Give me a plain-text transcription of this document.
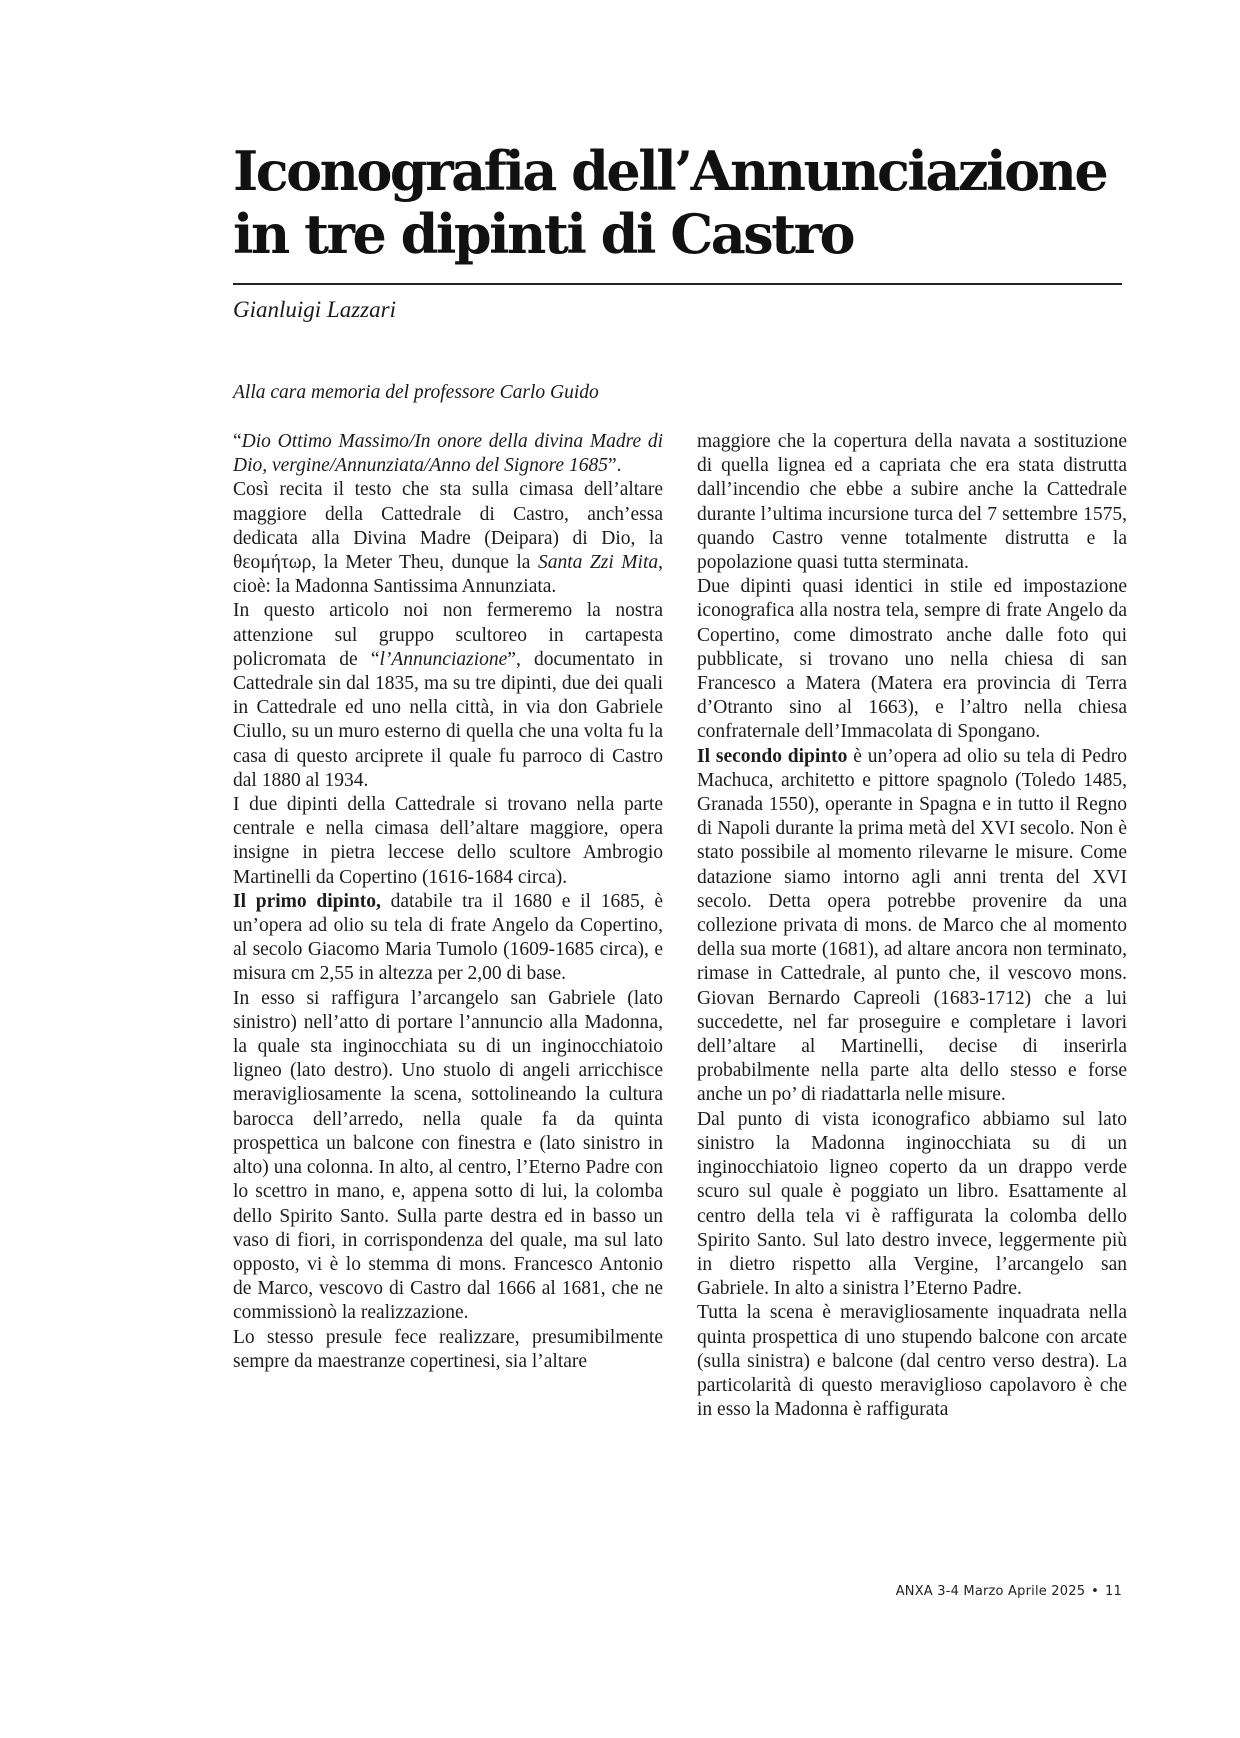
Iconografia dell’Annunciazione in tre dipinti di Castro

Gianluigi Lazzari

Alla cara memoria del professore Carlo Guido

“Dio Ottimo Massimo/In onore della divina Madre di Dio, vergine/Annunziata/Anno del Signore 1685”.

Così recita il testo che sta sulla cimasa dell’altare maggiore della Cattedrale di Castro, anch’essa dedicata alla Divina Madre (Deipara) di Dio, la θεομήτωρ, la Meter Theu, dunque la Santa Zzi Mita, cioè: la Madonna Santissima Annunziata.

In questo articolo noi non fermeremo la nostra attenzione sul gruppo scultoreo in cartapesta policromata de “l’Annunciazione”, documentato in Cattedrale sin dal 1835, ma su tre dipinti, due dei quali in Cattedrale ed uno nella città, in via don Gabriele Ciullo, su un muro esterno di quella che una volta fu la casa di questo arciprete il quale fu parroco di Castro dal 1880 al 1934.

I due dipinti della Cattedrale si trovano nella parte centrale e nella cimasa dell’altare maggiore, opera insigne in pietra leccese dello scultore Ambrogio Martinelli da Copertino (1616-1684 circa).

Il primo dipinto, databile tra il 1680 e il 1685, è un’opera ad olio su tela di frate Angelo da Copertino, al secolo Giacomo Maria Tumolo (1609-1685 circa), e misura cm 2,55 in altezza per 2,00 di base.

In esso si raffigura l’arcangelo san Gabriele (lato sinistro) nell’atto di portare l’annuncio alla Madonna, la quale sta inginocchiata su di un inginocchiatoio ligneo (lato destro). Uno stuolo di angeli arricchisce meravigliosamente la scena, sottolineando la cultura barocca dell’arredo, nella quale fa da quinta prospettica un balcone con finestra e (lato sinistro in alto) una colonna. In alto, al centro, l’Eterno Padre con lo scettro in mano, e, appena sotto di lui, la colomba dello Spirito Santo. Sulla parte destra ed in basso un vaso di fiori, in corrispondenza del quale, ma sul lato opposto, vi è lo stemma di mons. Francesco Antonio de Marco, vescovo di Castro dal 1666 al 1681, che ne commissionò la realizzazione.

Lo stesso presule fece realizzare, presumibilmente sempre da maestranze copertinesi, sia l’altare

maggiore che la copertura della navata a sostituzione di quella lignea ed a capriata che era stata distrutta dall’incendio che ebbe a subire anche la Cattedrale durante l’ultima incursione turca del 7 settembre 1575, quando Castro venne totalmente distrutta e la popolazione quasi tutta sterminata.

Due dipinti quasi identici in stile ed impostazione iconografica alla nostra tela, sempre di frate Angelo da Copertino, come dimostrato anche dalle foto qui pubblicate, si trovano uno nella chiesa di san Francesco a Matera (Matera era provincia di Terra d’Otranto sino al 1663), e l’altro nella chiesa confraternale dell’Immacolata di Spongano.

Il secondo dipinto è un’opera ad olio su tela di Pedro Machuca, architetto e pittore spagnolo (Toledo 1485, Granada 1550), operante in Spagna e in tutto il Regno di Napoli durante la prima metà del XVI secolo. Non è stato possibile al momento rilevarne le misure. Come datazione siamo intorno agli anni trenta del XVI secolo. Detta opera potrebbe provenire da una collezione privata di mons. de Marco che al momento della sua morte (1681), ad altare ancora non terminato, rimase in Cattedrale, al punto che, il vescovo mons. Giovan Bernardo Capreoli (1683-1712) che a lui succedette, nel far proseguire e completare i lavori dell’altare al Martinelli, decise di inserirla probabilmente nella parte alta dello stesso e forse anche un po’ di riadattarla nelle misure.

Dal punto di vista iconografico abbiamo sul lato sinistro la Madonna inginocchiata su di un inginocchiatoio ligneo coperto da un drappo verde scuro sul quale è poggiato un libro. Esattamente al centro della tela vi è raffigurata la colomba dello Spirito Santo. Sul lato destro invece, leggermente più in dietro rispetto alla Vergine, l’arcangelo san Gabriele. In alto a sinistra l’Eterno Padre.

Tutta la scena è meravigliosamente inquadrata nella quinta prospettica di uno stupendo balcone con arcate (sulla sinistra) e balcone (dal centro verso destra). La particolarità di questo meraviglioso capolavoro è che in esso la Madonna è raffigurata

ANXA 3-4 Marzo Aprile 2025 • 11
